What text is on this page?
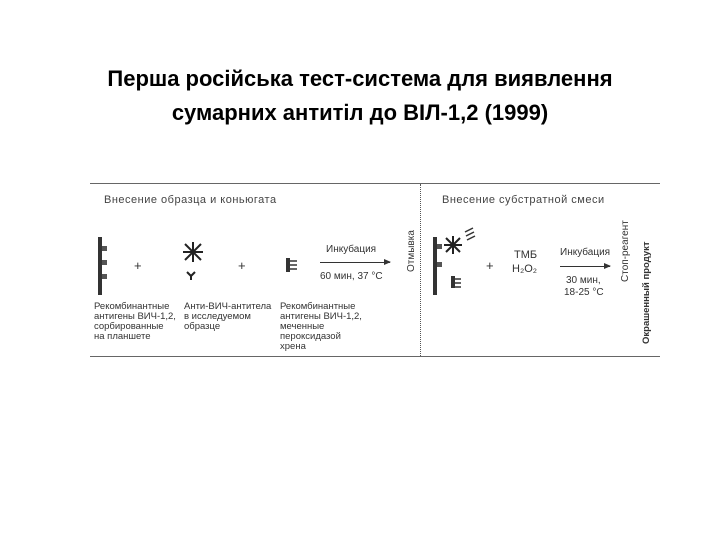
Перша російська тест-система для виявлення
сумарних антитіл до ВІЛ-1,2 (1999)
Внесение образца и коньюгата	Внесение субстратной смеси
+	+
Инкубация
60 мин, 37 °С
Отмывка	+
ТМБ
Н₂О₂
Инкубация
30 мин,
18-25 °С
Стоп-реагент Окрашенный продукт
Рекомбинантные
антигены ВИЧ-1,2,
сорбированные
на планшете
Анти-ВИЧ-антитела
в исследуемом
образце
Рекомбинантные
антигены ВИЧ-1,2,
меченные
пероксидазой
хрена
